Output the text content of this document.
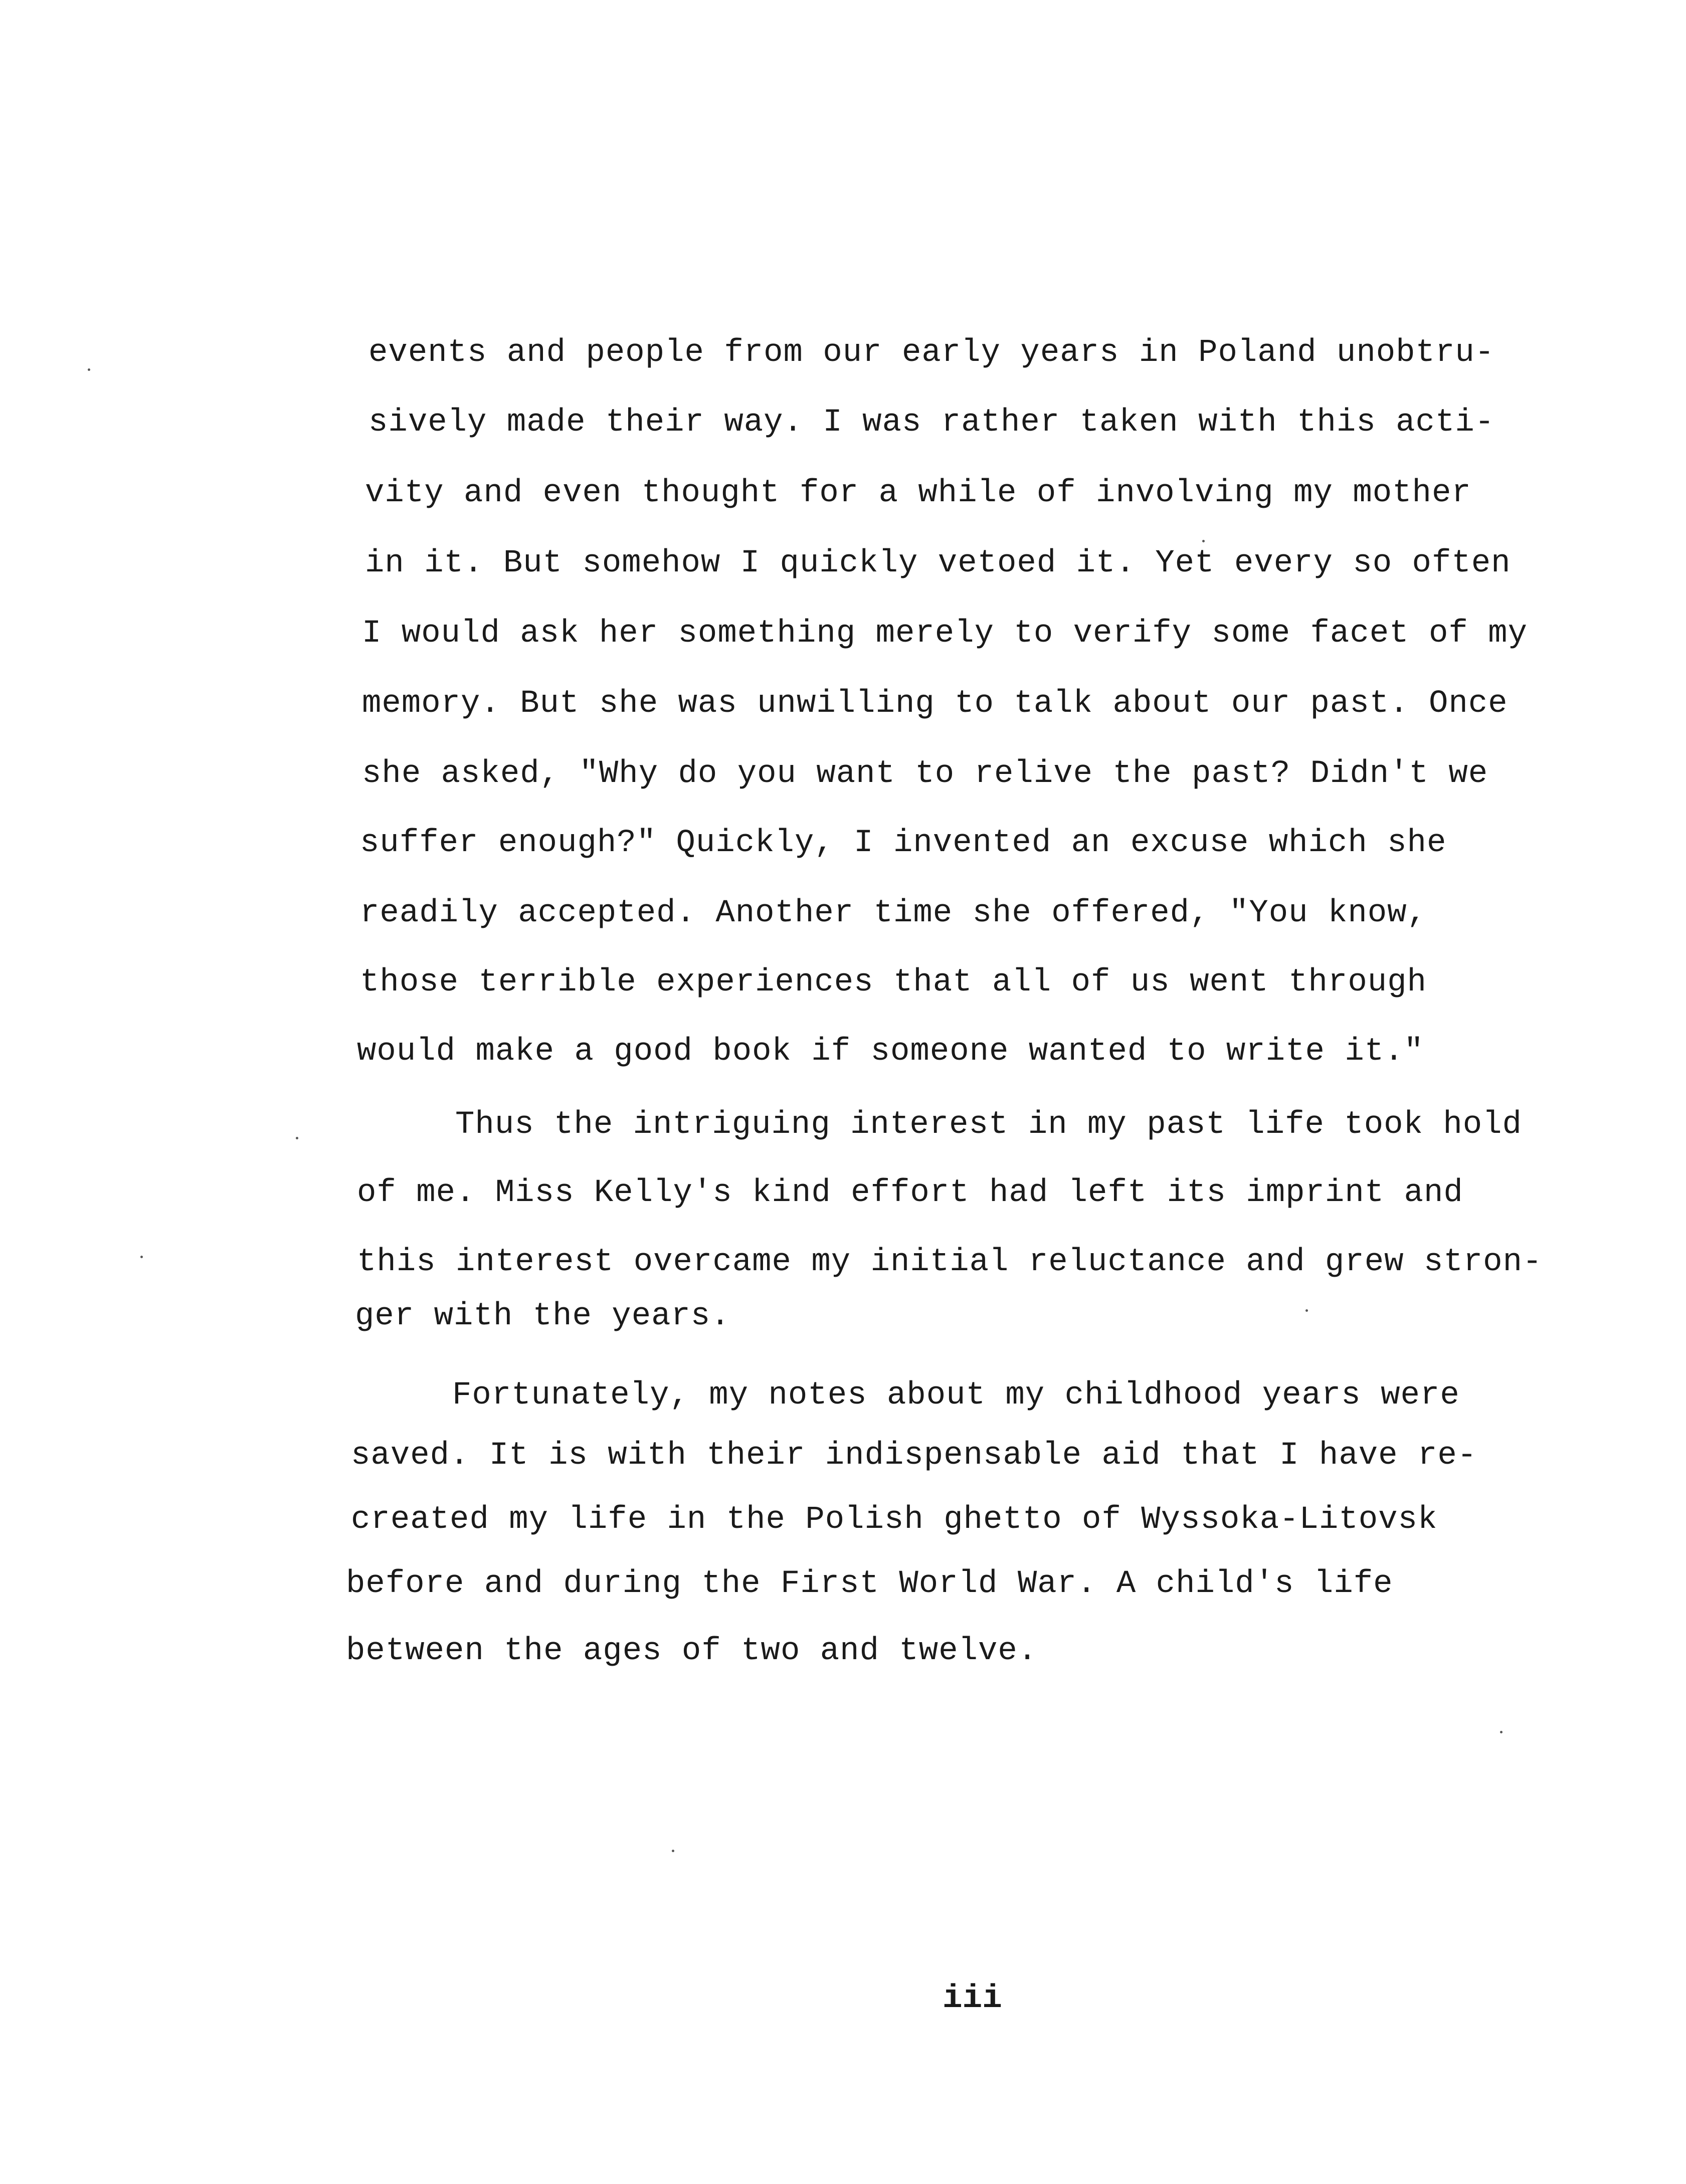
events and people from our early years in Poland unobtru-
sively made their way. I was rather taken with this acti-
vity and even thought for a while of involving my mother
in it. But somehow I quickly vetoed it. Yet every so often
I would ask her something merely to verify some facet of my
memory. But she was unwilling to talk about our past. Once
she asked, "Why do you want to relive the past? Didn't we
suffer enough?" Quickly, I invented an excuse which she
readily accepted. Another time she offered, "You know,
those terrible experiences that all of us went through
would make a good book if someone wanted to write it."
Thus the intriguing interest in my past life took hold
of me. Miss Kelly's kind effort had left its imprint and
this interest overcame my initial reluctance and grew stron-
ger with the years.
Fortunately, my notes about my childhood years were
saved. It is with their indispensable aid that I have re-
created my life in the Polish ghetto of Wyssoka-Litovsk
before and during the First World War. A child's life
between the ages of two and twelve.
iii
